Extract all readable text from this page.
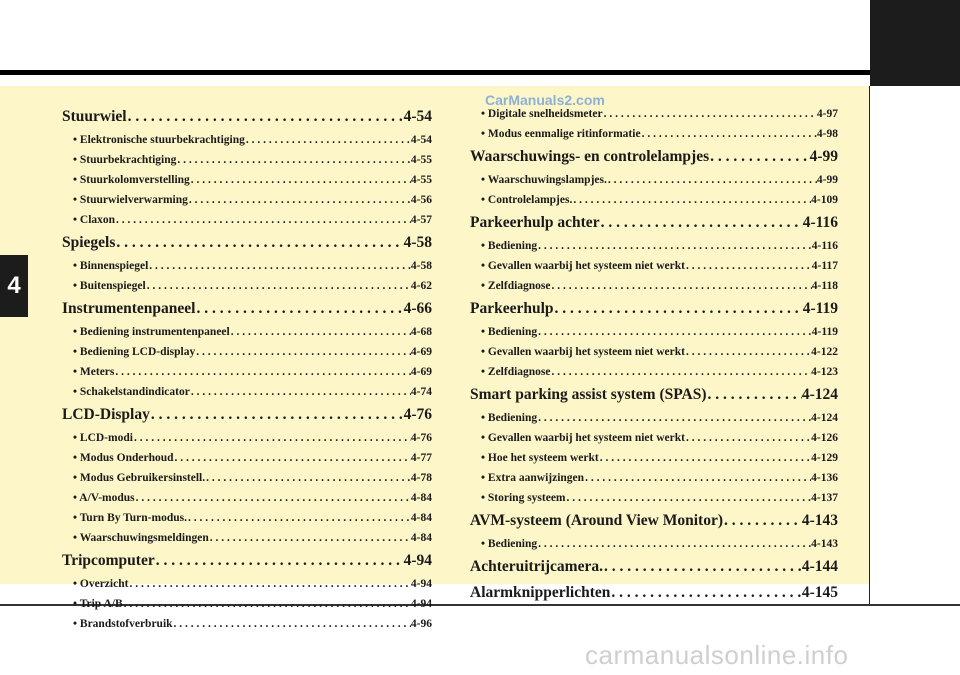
4
CarManuals2.com
Stuurwiel . . .	4-54
• Elektronische stuurbekrachtiging . . .	4-54
• Stuurbekrachtiging . . .	4-55
• Stuurkolomverstelling . . .	4-55
• Stuurwielverwarming . . .	4-56
• Claxon . . .	4-57
Spiegels . . .	4-58
• Binnenspiegel . . .	4-58
• Buitenspiegel . . .	4-62
Instrumentenpaneel . . .	4-66
• Bediening instrumentenpaneel . . .	4-68
• Bediening LCD-display . . .	4-69
• Meters . . .	4-69
• Schakelstandindicator . . .	4-74
LCD-Display . . .	4-76
• LCD-modi . . .	4-76
• Modus Onderhoud . . .	4-77
• Modus Gebruikersinstell. . . .	4-78
• A/V-modus . . .	4-84
• Turn By Turn-modus. . . .	4-84
• Waarschuwingsmeldingen . . .	4-84
Tripcomputer . . .	4-94
• Overzicht . . .	4-94
• Trip A/B . . .	4-94
• Brandstofverbruik . . .	4-96
• Digitale snelheidsmeter . . .	4-97
• Modus eenmalige ritinformatie . . .	4-98
Waarschuwings- en controlelampjes . . .	4-99
• Waarschuwingslampjes. . . .	4-99
• Controlelampjes. . . .	4-109
Parkeerhulp achter . . .	4-116
• Bediening . . .	4-116
• Gevallen waarbij het systeem niet werkt . . .	4-117
• Zelfdiagnose . . .	4-118
Parkeerhulp . . .	4-119
• Bediening . . .	4-119
• Gevallen waarbij het systeem niet werkt . . .	4-122
• Zelfdiagnose . . .	4-123
Smart parking assist system (SPAS) . . .	4-124
• Bediening . . .	4-124
• Gevallen waarbij het systeem niet werkt . . .	4-126
• Hoe het systeem werkt . . .	4-129
• Extra aanwijzingen . . .	4-136
• Storing systeem . . .	4-137
AVM-systeem (Around View Monitor) . . .	4-143
• Bediening . . .	4-143
Achteruitrijcamera. . . .	4-144
Alarmknipperlichten . . .	4-145
carmanualsonline.info
